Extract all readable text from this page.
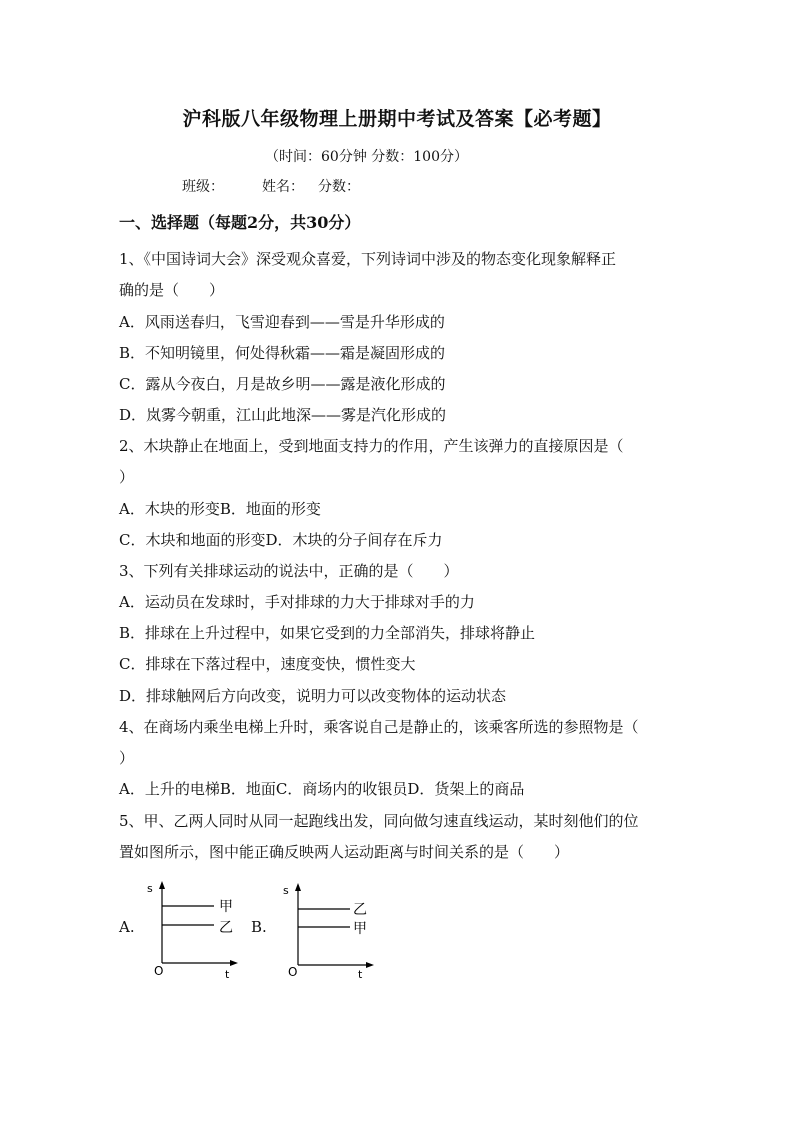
沪科版八年级物理上册期中考试及答案【必考题】
（时间：60分钟 分数：100分）
班级：	姓名： 分数：
一、选择题（每题2分，共30分）
1、《中国诗词大会》深受观众喜爱，下列诗词中涉及的物态变化现象解释正
确的是（　　）
A．风雨送春归，飞雪迎春到——雪是升华形成的
B．不知明镜里，何处得秋霜——霜是凝固形成的
C．露从今夜白，月是故乡明——露是液化形成的
D．岚雾今朝重，江山此地深——雾是汽化形成的
2、木块静止在地面上，受到地面支持力的作用，产生该弹力的直接原因是（
）
A．木块的形变B．地面的形变
C．木块和地面的形变D．木块的分子间存在斥力
3、下列有关排球运动的说法中，正确的是（　　）
A．运动员在发球时，手对排球的力大于排球对手的力
B．排球在上升过程中，如果它受到的力全部消失，排球将静止
C．排球在下落过程中，速度变快，惯性变大
D．排球触网后方向改变，说明力可以改变物体的运动状态
4、在商场内乘坐电梯上升时，乘客说自己是静止的，该乘客所选的参照物是（
）
A．上升的电梯B．地面C．商场内的收银员D．货架上的商品
5、甲、乙两人同时从同一起跑线出发，同向做匀速直线运动，某时刻他们的位
置如图所示，图中能正确反映两人运动距离与时间关系的是（　　）
A.	B.
s
t
O
甲
乙
s
t
O
乙
甲
